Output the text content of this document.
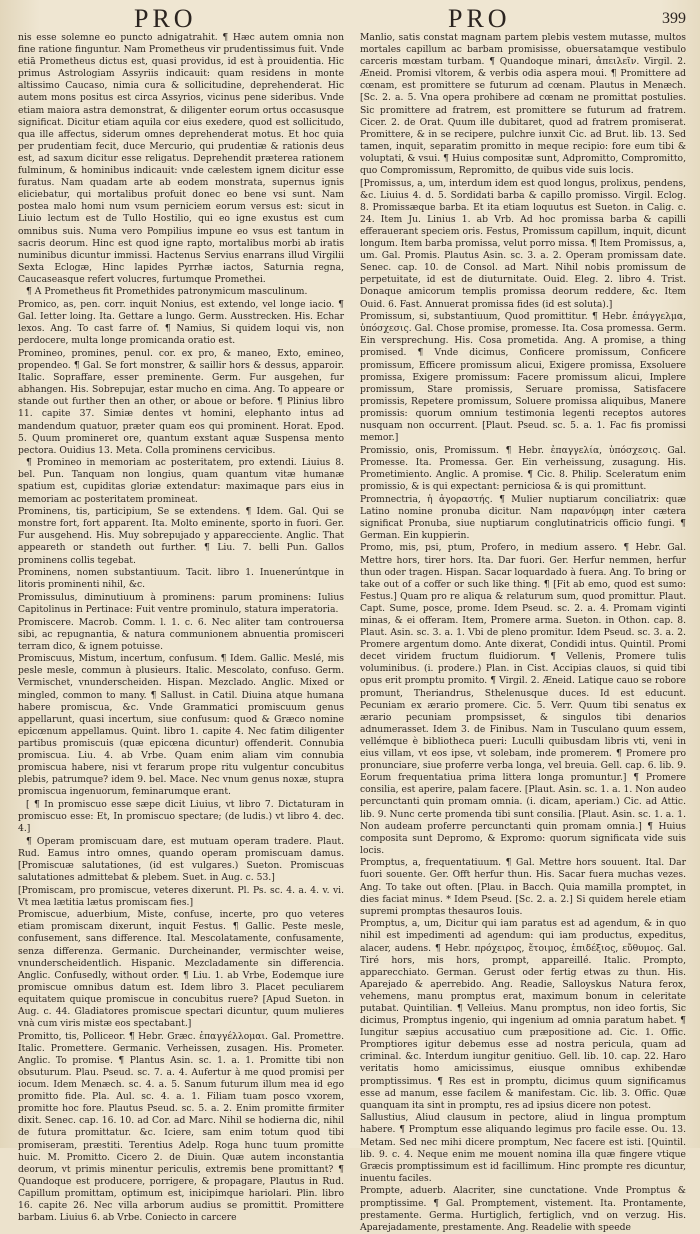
PRO	PRO	399

nis esse solemne eo puncto adnigatrahit. ¶ Hæc autem omnia non fine ratione finguntur. Nam Prometheus vir prudentissimus fuit. Vnde etiā Prometheus dictus est, quasi providus, id est à prouidentia. Hic primus Astrologiam Assyriis indicauit: quam residens in monte altissimo Caucaso, nimia cura & sollicitudine, deprehenderat. Hic autem mons positus est circa Assyrios, vicinus pene sideribus. Vnde etiam maiora astra demonstrat, & diligenter eorum ortus occasusque significat. Dicitur etiam aquila cor eius exedere, quod est sollicitudo, qua ille affectus, siderum omnes deprehenderat motus. Et hoc quia per prudentiam fecit, duce Mercurio, qui prudentiæ & rationis deus est, ad saxum dicitur esse religatus. Deprehendit præterea rationem fulminum, & hominibus indicauit: vnde cælestem ignem dicitur esse furatus. Nam quadam arte ab eodem monstrata, supernus ignis eliciebatur, qui mortalibus profuit donec eo bene vsi sunt. Nam postea malo homi num vsum perniciem eorum versus est: sicut in Liuio lectum est de Tullo Hostilio, qui eo igne exustus est cum omnibus suis. Numa vero Pompilius impune eo vsus est tantum in sacris deorum. Hinc est quod igne rapto, mortalibus morbi ab iratis numinibus dicuntur immissi. Hactenus Servius enarrans illud Virgilii Sexta Eclogæ, Hinc lapides Pyrrhæ iactos, Saturnia regna, Caucaseasque refert volucres, furtumque Promethei.

¶ A Prometheus fit Promethides patronymicum masculinum.

Promico, as, pen. corr. inquit Nonius, est extendo, vel longe iacio. ¶ Gal. Ietter loing. Ita. Gettare a lungo. Germ. Ausstrecken. His. Echar lexos. Ang. To cast farre of. ¶ Namius, Si quidem loqui vis, non perdocere, multa longe promicanda oratio est.

Promineo, promines, penul. cor. ex pro, & maneo, Exto, emineo, propendeo. ¶ Gal. Se fort monstrer, & saillir hors & dessus, apparoir. Italic. Sopraffare, esser preminente. Germ. Fur ausgehen, fur abhangen. His. Sobrepujar, estar mucho en cima. Ang. To appeare or stande out further then an other, or aboue or before. ¶ Plinius libro 11. capite 37. Simiæ dentes vt homini, elephanto intus ad mandendum quatuor, præter quam eos qui prominent. Horat. Epod. 5. Quum promineret ore, quantum exstant aquæ Suspensa mento pectora. Ouidius 13. Meta. Colla prominens cervicibus.

¶ Promineo in memoriam ac posteritatem, pro extendi. Liuius 8. bel. Pun. Tanquam non longius, quam quantum vitæ humanæ spatium est, cupiditas gloriæ extendatur: maximaque pars eius in memoriam ac posteritatem promineat.

Prominens, tis, participium, Se se extendens. ¶ Idem. Gal. Qui se monstre fort, fort apparent. Ita. Molto eminente, sporto in fuori. Ger. Fur ausgehend. His. Muy sobrepujado y apparecciente. Anglic. That appeareth or standeth out further. ¶ Liu. 7. belli Pun. Gallos prominens collis tegebat.

Prominens, nomen substantiuum. Tacit. libro 1. Inuenerúntque in litoris prominenti nihil, &c.

Promissulus, diminutiuum à prominens: parum prominens: Iulius Capitolinus in Pertinace: Fuit ventre prominulo, statura imperatoria.

Promiscere. Macrob. Comm. l. 1. c. 6. Nec aliter tam controuersa sibi, ac repugnantia, & natura communionem abnuentia promisceri terram dico, & ignem potuisse.

Promiscuus, Mistum, incertum, confusum. ¶ Idem. Gallic. Meslé, mis pesle mesle, commun à plusieurs. Italic. Mescolato, confuso. Germ. Vermischet, vnunderscheiden. Hispan. Mezclado. Anglic. Mixed or mingled, common to many. ¶ Sallust. in Catil. Diuina atque humana habere promiscua, &c. Vnde Grammatici promiscuum genus appellarunt, quasi incertum, siue confusum: quod & Græco nomine epicœnum appellamus. Quint. libro 1. capite 4. Nec fatim diligenter partibus promiscuis (quæ epicœna dicuntur) offenderit. Connubia promiscua. Liu. 4. ab Vrbe. Quam enim aliam vim connubia promiscua habere, nisi vt ferarum prope ritu vulgentur concubitus plebis, patrumque? idem 9. bel. Mace. Nec vnum genus noxæ, stupra promiscua ingenuorum, feminarumque erant.

[ ¶ In promiscuo esse sæpe dicit Liuius, vt libro 7. Dictaturam in promiscuo esse: Et, In promiscuo spectare; (de ludis.) vt libro 4. dec. 4.]

¶ Operam promiscuam dare, est mutuam operam tradere. Plaut. Rud. Eamus intro omnes, quando operam promiscuam damus. [Promiscuæ salutationes, (id est vulgares.) Sueton. Promiscuas salutationes admittebat & plebem. Suet. in Aug. c. 53.]

[Promiscam, pro promiscue, veteres dixerunt. Pl. Ps. sc. 4. a. 4. v. vi. Vt mea lætitia lætus promiscam fies.]

Promiscue, aduerbium, Miste, confuse, incerte, pro quo veteres etiam promiscam dixerunt, inquit Festus. ¶ Gallic. Peste mesle, confusement, sans difference. Ital. Mescolatamente, confusamente, senza differenza. Germanic. Durcheinander, vermischter weise, vnunderscheidentlich. Hispanic. Mezcladamente sin differencia. Anglic. Confusedly, without order. ¶ Liu. 1. ab Vrbe, Eodemque iure promiscue omnibus datum est. Idem libro 3. Placet peculiarem equitatem quique promiscue in concubitus ruere? [Apud Sueton. in Aug. c. 44. Gladiatores promiscue spectari dicuntur, quum mulieres vnà cum viris mistæ eos spectabant.]

Promitto, tis, Polliceor. ¶ Hebr. Græc. ἐπαγγέλλομαι. Gal. Promettre. Italic. Promettere. Germanic. Verheissen, zusagen. His. Prometer. Anglic. To promise. ¶ Plantus Asin. sc. 1. a. 1. Promitte tibi non obsuturum. Plau. Pseud. sc. 7. a. 4. Aufertur à me quod promisi per iocum. Idem Menæch. sc. 4. a. 5. Sanum futurum illum mea id ego promitto fide. Pla. Aul. sc. 4. a. 1. Filiam tuam posco vxorem, promitte hoc fore. Plautus Pseud. sc. 5. a. 2. Enim promitte firmiter dixit. Senec. cap. 16. 10. ad Cor. ad Marc. Nihil se hodierna dic, nihil de futura promittatur. &c. Iciere, sam enim totum quod tibi promiseram, præstiti. Terentius Adelp. Roga hunc tuum promitte huic. M. Promitto. Cicero 2. de Diuin. Quæ autem inconstantia deorum, vt primis minentur periculis, extremis bene promittant? ¶ Quandoque est producere, porrigere, & propagare, Plautus in Rud. Capillum promittam, optimum est, inicipimque hariolari. Plin. libro 16. capite 26. Nec villa arborum audius se promittit. Promittere barbam. Liuius 6. ab Vrbe. Coniecto in carcere

Manlio, satis constat magnam partem plebis vestem mutasse, multos mortales capillum ac barbam promisisse, obuersatamque vestibulo carceris mœstam turbam. ¶ Quandoque minari, ἀπειλεῖν. Virgil. 2. Æneid. Promisi vltorem, & verbis odia aspera moui. ¶ Promittere ad cœnam, est promittere se futurum ad cœnam. Plautus in Menæch. [Sc. 2. a. 5. Vna opera prohibere ad cœnam ne promittat postulies. Sic promittere ad fratrem, est promittere se futurum ad fratrem. Cicer. 2. de Orat. Quum ille dubitaret, quod ad fratrem promiserat. Promittere, & in se recipere, pulchre iunxit Cic. ad Brut. lib. 13. Sed tamen, inquit, separatim promitto in meque recipio: fore eum tibi & voluptati, & vsui. ¶ Huius compositæ sunt, Adpromitto, Compromitto, quo Compromissum, Repromitto, de quibus vide suis locis.

[Promissus, a, um, interdum idem est quod longus, prolixus, pendens, &c. Liuius 4. d. 5. Sordidati barba & capillo promisso. Virgil. Eclog. 8. Promissæque barba. Et ita etiam loquutus est Sueton. in Calig. c. 24. Item Ju. Linius 1. ab Vrb. Ad hoc promissa barba & capilli efferauerant speciem oris. Festus, Promissum capillum, inquit, dicunt longum. Item barba promissa, velut porro missa. ¶ Item Promissus, a, um. Gal. Promis. Plautus Asin. sc. 3. a. 2. Operam promissam date. Senec. cap. 10. de Consol. ad Mart. Nihil nobis promissum de perpetuitate, id est de diuturnitate. Ouid. Eleg. 2. libro 4. Trist. Donaque amicorum templis promissa deorum reddere, &c. Item Ouid. 6. Fast. Annuerat promissa fides (id est soluta).]

Promissum, si, substantiuum, Quod promittitur. ¶ Hebr. ἐπάγγελμα, ὑπόσχεσις. Gal. Chose promise, promesse. Ita. Cosa promessa. Germ. Ein versprechung. His. Cosa prometida. Ang. A promise, a thing promised. ¶ Vnde dicimus, Conficere promissum, Conficere promissum, Efficere promissum alicui, Exigere promissa, Exsoluere promissa, Exigere promissum: Facere promissum alicui, Implere promissum, Stare promissis, Seruare promissa, Satisfacere promissis, Repetere promissum, Soluere promissa aliquibus, Manere promissis: quorum omnium testimonia legenti receptos autores nusquam non occurrent. [Plaut. Pseud. sc. 5. a. 1. Fac fis promissi memor.]

Promissio, onis, Promissum. ¶ Hebr. ἐπαγγελία, ὑπόσχεσις. Gal. Promesse. Ita. Promessa. Ger. Ein verheissung, zusagung. His. Prometimiento. Anglic. A promise. ¶ Cic. 8. Philip. Sceleratum enim promissio, & is qui expectant: perniciosa & is qui promittunt.

Promnectria, ἡ ἀγοραστής. ¶ Mulier nuptiarum conciliatrix: quæ Latino nomine pronuba dicitur. Nam παρανύμφη inter cætera significat Pronuba, siue nuptiarum conglutinatricis officio fungi. ¶ German. Ein kuppierin.

Promo, mis, psi, ptum, Profero, in medium assero. ¶ Hebr. Gal. Mettre hors, tirer hors. Ita. Dar fuori. Ger. Herfur nemmen, herfur thun oder tragen. Hispan. Sacar loquardado à fuera. Ang. To bring or take out of a coffer or such like thing. ¶ [Fit ab emo, quod est sumo: Festus.] Quam pro re aliqua & relaturum sum, quod promittur. Plaut. Capt. Sume, posce, prome. Idem Pseud. sc. 2. a. 4. Promam viginti minas, & ei offeram. Item, Promere arma. Sueton. in Othon. cap. 8. Plaut. Asin. sc. 3. a. 1. Vbi de pleno promitur. Idem Pseud. sc. 3. a. 2. Promere argentum domo. Ante dixerat, Condidi intus. Quintil. Promi decet viridem fructum fluidiorum. ¶ Vellenis, Promere tulis voluminibus. (i. prodere.) Plan. in Cist. Accipias clauos, si quid tibi opus erit promptu promito. ¶ Virgil. 2. Æneid. Latique cauo se robore promunt, Theriandrus, Sthelenusque duces. Id est educunt. Pecuniam ex ærario promere. Cic. 5. Verr. Quum tibi senatus ex ærario pecuniam prompsisset, & singulos tibi denarios adnumerasset. Idem 3. de Finibus. Nam in Tusculano quum essem, vellémque è bibliotheca pueri: Luculli quibusdam libris vti, veni in eius villam, vt eos ipse, vt solebam, inde promerem. ¶ Promere pro pronunciare, siue proferre verba longa, vel breuia. Gell. cap. 6. lib. 9. Eorum frequentatiua prima littera longa promuntur.] ¶ Promere consilia, est aperire, palam facere. [Plaut. Asin. sc. 1. a. 1. Non audeo percunctanti quin promam omnia. (i. dicam, aperiam.) Cic. ad Attic. lib. 9. Nunc certe promenda tibi sunt consilia. [Plaut. Asin. sc. 1. a. 1. Non audeam proferre percunctanti quin promam omnia.] ¶ Huius composita sunt Depromo, & Expromo: quorum significata vide suis locis.

Promptus, a, frequentatiuum. ¶ Gal. Mettre hors souuent. Ital. Dar fuori souente. Ger. Offt herfur thun. His. Sacar fuera muchas vezes. Ang. To take out often. [Plau. in Bacch. Quia mamilla promptet, in dies faciat minus. * Idem Pseud. [Sc. 2. a. 2.] Si quidem herele etiam supremi promptas thesauros Iouis.

Promptus, a, um, Dicitur qui iam paratus est ad agendum, & in quo nihil est impedimenti ad agendum: qui iam productus, expeditus, alacer, audens. ¶ Hebr. πρόχειρος, ἕτοιμος, ἐπιδέξιος, εὔθυμος. Gal. Tiré hors, mis hors, prompt, appareillé. Italic. Prompto, apparecchiato. German. Gerust oder fertig etwas zu thun. His. Aparejado & aperrebido. Ang. Readie, Salloyskus Natura ferox, vehemens, manu promptus erat, maximum bonum in celeritate putabat. Quintilian. ¶ Velleius. Manu promptus, non ideo fortis, Sic dicimus, Promptus ingenio, qui ingenium ad omnia paratum habet. ¶ Iungitur sæpius accusatiuo cum præpositione ad. Cic. 1. Offic. Promptiores igitur debemus esse ad nostra pericula, quam ad criminal. &c. Interdum iungitur genitiuo. Gell. lib. 10. cap. 22. Haro veritatis homo amicissimus, eiusque omnibus exhibendæ promptissimus. ¶ Res est in promptu, dicimus quum significamus esse ad manum, esse facilem & manifestam. Cic. lib. 3. Offic. Quæ quanquam ita sint in promptu, res ad ipsius dicere non potest.

Sallustius, Aliud clausum in pectore, aliud in lingua promptum habere. ¶ Promptum esse aliquando legimus pro facile esse. Ou. 13. Metam. Sed nec mihi dicere promptum, Nec facere est isti. [Quintil. lib. 9. c. 4. Neque enim me mouent nomina illa quæ fingere vtique Græcis promptissimum est id facillimum. Hinc prompte res dicuntur, inuentu faciles.

Prompte, aduerb. Alacriter, sine cunctatione. Vnde Promptus & promptissime. ¶ Gal. Promptement, vistement. Ita. Prontamente, prestamente. Germa. Hurtiglich, fertiglich, vnd on verzug. His. Aparejadamente, prestamente. Ang. Readelie with speede
